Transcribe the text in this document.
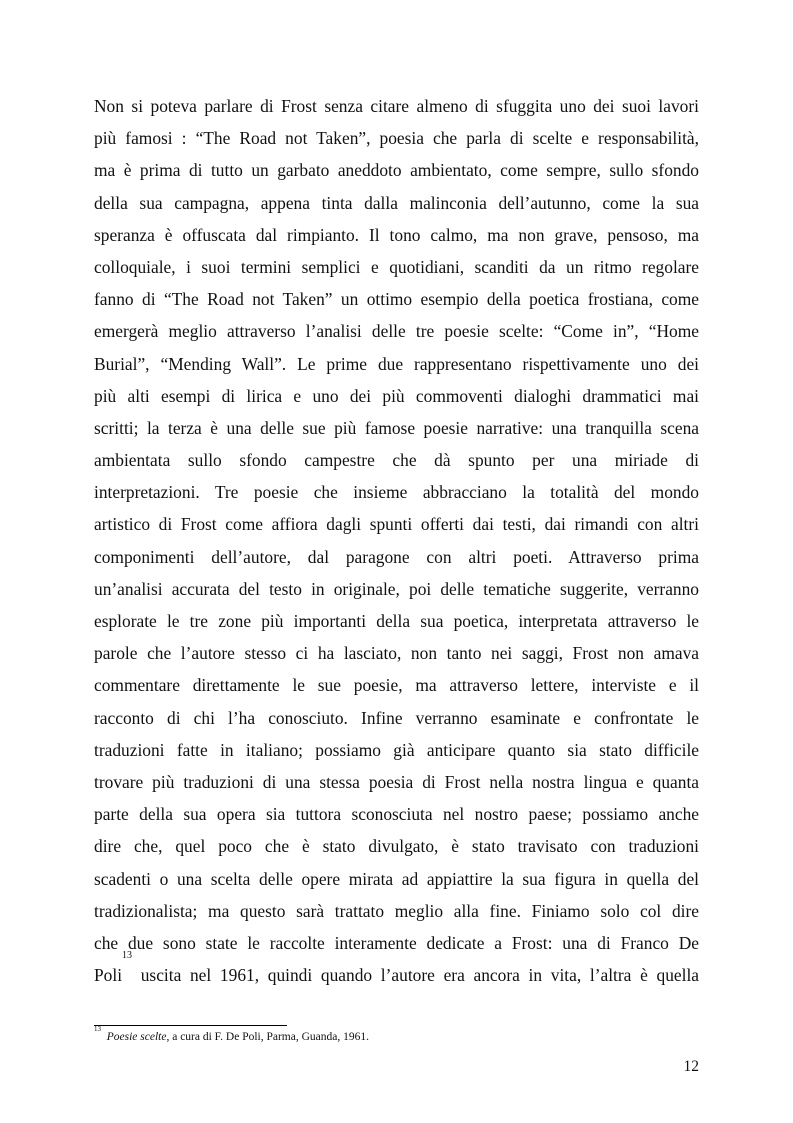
Non si poteva parlare di Frost senza citare almeno di sfuggita uno dei suoi lavori
più famosi : “The Road not Taken”, poesia che parla di scelte e responsabilità,
ma è prima di tutto un garbato aneddoto ambientato, come sempre, sullo sfondo
della sua campagna, appena tinta dalla malinconia dell’autunno, come la sua
speranza è offuscata dal rimpianto. Il tono calmo, ma non grave, pensoso, ma
colloquiale, i suoi termini semplici e quotidiani, scanditi da un ritmo regolare
fanno di “The Road not Taken” un ottimo esempio della poetica frostiana, come
emergerà meglio attraverso l’analisi delle tre poesie scelte: “Come in”, “Home
Burial”, “Mending Wall”. Le prime due rappresentano rispettivamente uno dei
più alti esempi di lirica e uno dei più commoventi dialoghi drammatici mai
scritti; la terza è una delle sue più famose poesie narrative: una tranquilla scena
ambientata sullo sfondo campestre che dà spunto per una miriade di
interpretazioni. Tre poesie che insieme abbracciano la totalità del mondo
artistico di Frost come affiora dagli spunti offerti dai testi, dai rimandi con altri
componimenti dell’autore, dal paragone con altri poeti. Attraverso prima
un’analisi accurata del testo in originale, poi delle tematiche suggerite, verranno
esplorate le tre zone più importanti della sua poetica, interpretata attraverso le
parole che l’autore stesso ci ha lasciato, non tanto nei saggi, Frost non amava
commentare direttamente le sue poesie, ma attraverso lettere, interviste e il
racconto di chi l’ha conosciuto. Infine verranno esaminate e confrontate le
traduzioni fatte in italiano; possiamo già anticipare quanto sia stato difficile
trovare più traduzioni di una stessa poesia di Frost nella nostra lingua e quanta
parte della sua opera sia tuttora sconosciuta nel nostro paese; possiamo anche
dire che, quel poco che è stato divulgato, è stato travisato con traduzioni
scadenti o una scelta delle opere mirata ad appiattire la sua figura in quella del
tradizionalista; ma questo sarà trattato meglio alla fine. Finiamo solo col dire
che due sono state le raccolte interamente dedicate a Frost: una di Franco De
Poli$^{13}$ uscita nel 1961, quindi quando l’autore era ancora in vita, l’altra è quella
$^{13}$  Poesie scelte, a cura di F. De Poli, Parma, Guanda, 1961.
12
